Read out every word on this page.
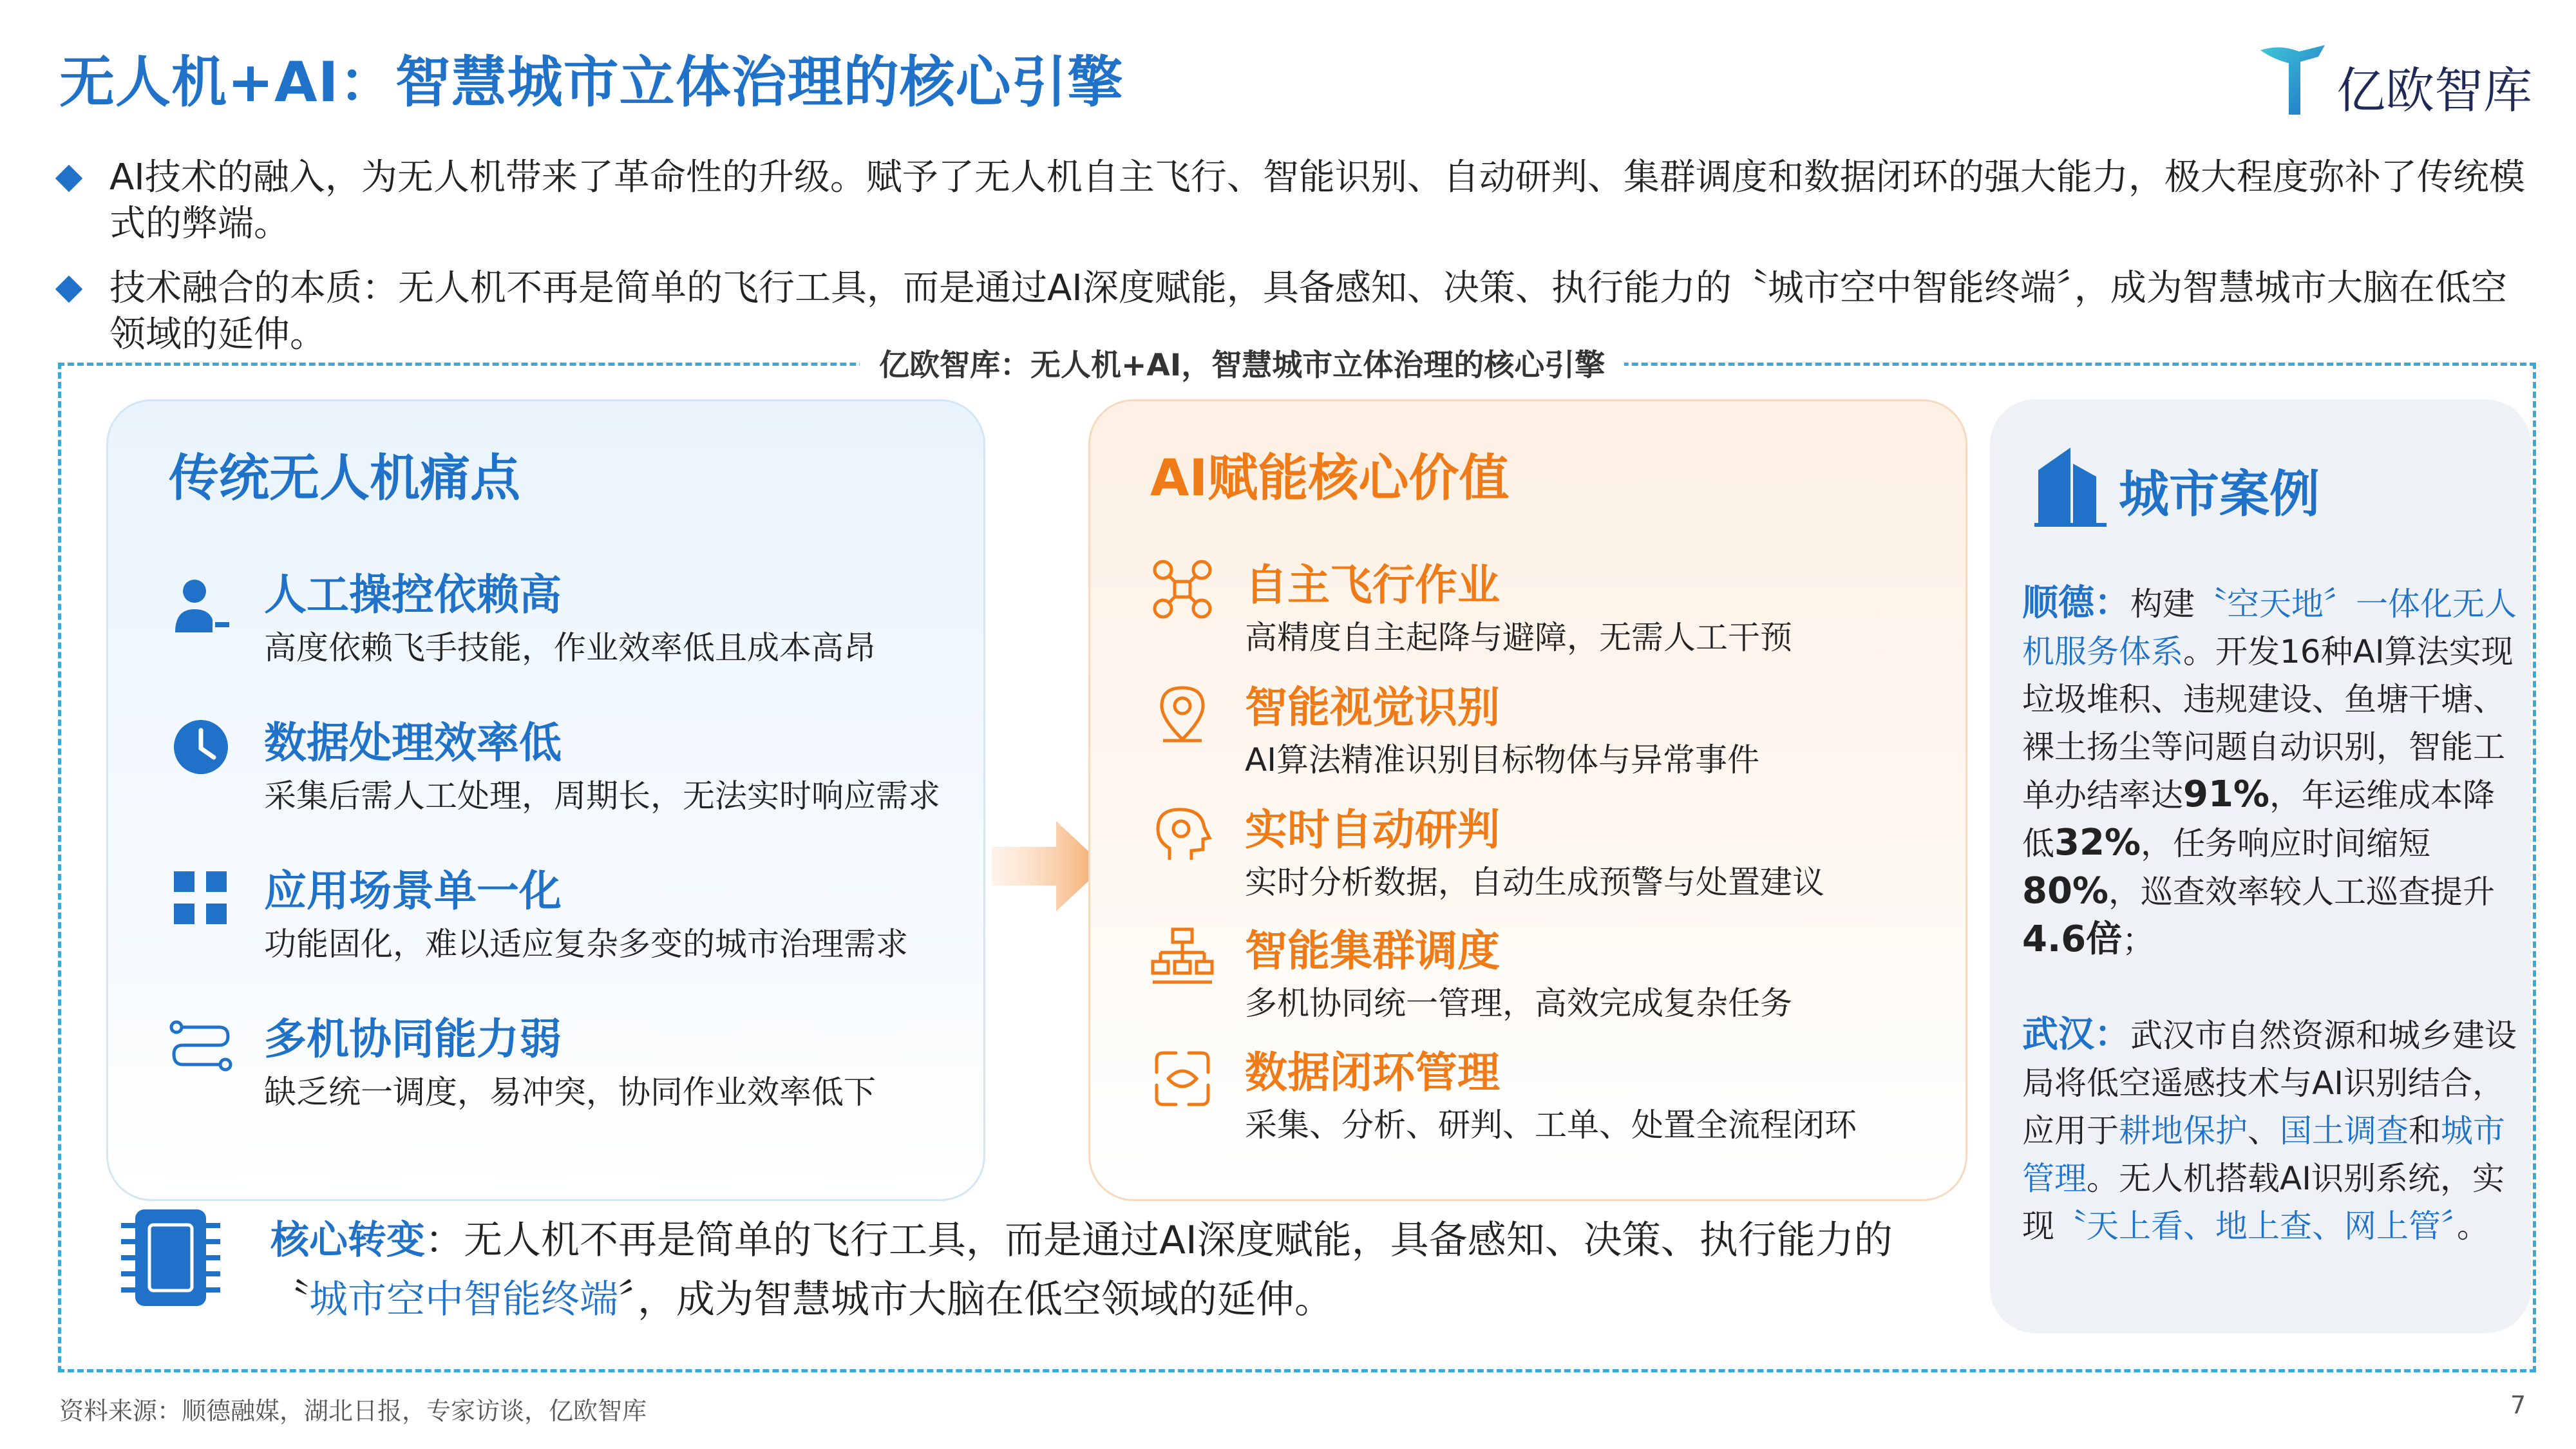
无人机+AI：智慧城市立体治理的核心引擎	亿欧智库
AI技术的融入，为无人机带来了革命性的升级。赋予了无人机自主飞行、智能识别、自动研判、集群调度和数据闭环的强大能力，极大程度弥补了传统模式的弊端。
技术融合的本质：无人机不再是简单的飞行工具，而是通过AI深度赋能，具备感知、决策、执行能力的〝城市空中智能终端〞，成为智慧城市大脑在低空领域的延伸。
亿欧智库：无人机+AI，智慧城市立体治理的核心引擎
传统无人机痛点
人工操控依赖高
高度依赖飞手技能，作业效率低且成本高昂
数据处理效率低
采集后需人工处理，周期长，无法实时响应需求
应用场景单一化
功能固化，难以适应复杂多变的城市治理需求
多机协同能力弱
缺乏统一调度，易冲突，协同作业效率低下
AI赋能核心价值
自主飞行作业
高精度自主起降与避障，无需人工干预
智能视觉识别
AI算法精准识别目标物体与异常事件
实时自动研判
实时分析数据，自动生成预警与处置建议
智能集群调度
多机协同统一管理，高效完成复杂任务
数据闭环管理
采集、分析、研判、工单、处置全流程闭环
核心转变：无人机不再是简单的飞行工具，而是通过AI深度赋能，具备感知、决策、执行能力的〝城市空中智能终端〞，成为智慧城市大脑在低空领域的延伸。
城市案例
顺德：构建〝空天地〞一体化无人机服务体系。开发16种AI算法实现垃圾堆积、违规建设、鱼塘干塘、裸土扬尘等问题自动识别，智能工单办结率达91%，年运维成本降低32%，任务响应时间缩短80%，巡查效率较人工巡查提升4.6倍；
武汉：武汉市自然资源和城乡建设局将低空遥感技术与AI识别结合，应用于耕地保护、国土调查和城市管理。无人机搭载AI识别系统，实现〝天上看、地上查、网上管〞。
资料来源：顺德融媒，湖北日报，专家访谈，亿欧智库	7
